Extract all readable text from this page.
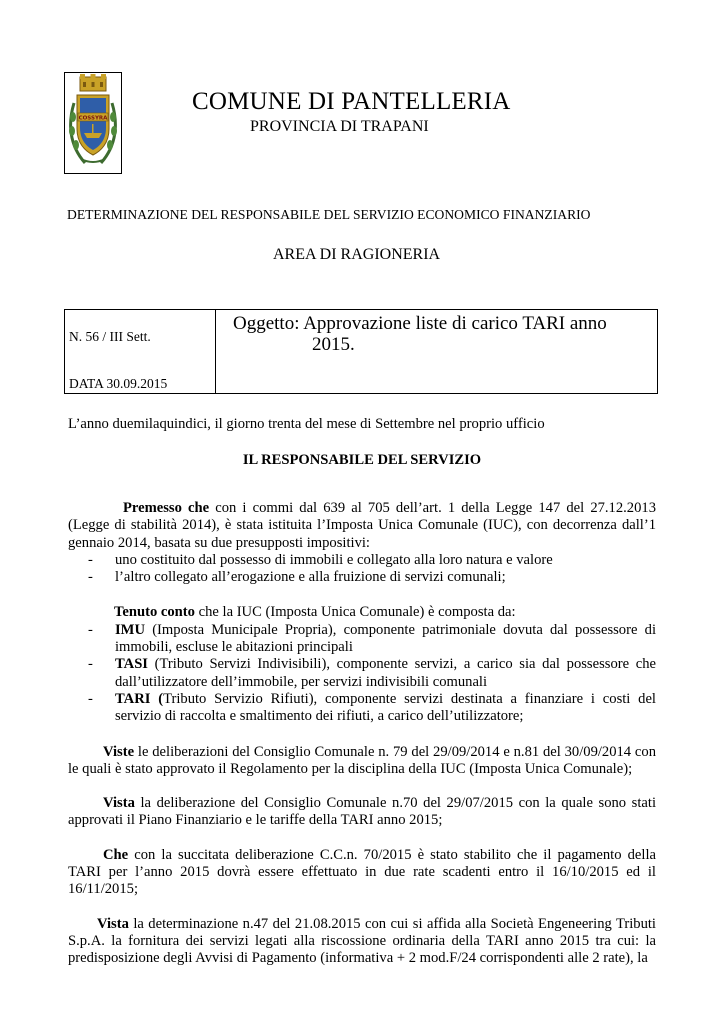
COSSYRA
COMUNE DI PANTELLERIA
PROVINCIA DI TRAPANI
DETERMINAZIONE DEL RESPONSABILE DEL SERVIZIO ECONOMICO FINANZIARIO
AREA DI RAGIONERIA
N. 56 / III Sett.
DATA 30.09.2015
Oggetto: Approvazione liste di carico TARI anno
2015.
L’anno duemilaquindici, il giorno trenta del mese di Settembre nel proprio ufficio
IL RESPONSABILE DEL SERVIZIO

Premesso che con i commi dal 639 al 705 dell’art. 1 della Legge 147 del 27.12.2013 (Legge di stabilità 2014), è stata istituita l’Imposta Unica Comunale (IUC), con decorrenza dall’1 gennaio 2014, basata su due presupposti impositivi:

- uno costituito dal possesso di immobili e collegato alla loro natura e valore
- l’altro collegato all’erogazione e alla fruizione di servizi comunali;

Tenuto conto che la IUC (Imposta Unica Comunale) è composta da:

- IMU (Imposta Municipale Propria), componente patrimoniale dovuta dal possessore di immobili, escluse le abitazioni principali
- TASI (Tributo Servizi Indivisibili), componente servizi, a carico sia dal possessore che dall’utilizzatore dell’immobile, per servizi indivisibili comunali
- TARI (Tributo Servizio Rifiuti), componente servizi destinata a finanziare i costi del servizio di raccolta e smaltimento dei rifiuti, a carico dell’utilizzatore;

Viste le deliberazioni del Consiglio Comunale n. 79 del 29/09/2014 e n.81 del 30/09/2014 con le quali è stato approvato il Regolamento per la disciplina della IUC (Imposta Unica Comunale);

Vista la deliberazione del Consiglio Comunale n.70 del 29/07/2015 con la quale sono stati approvati il Piano Finanziario e le tariffe della TARI anno 2015;

Che con la succitata deliberazione C.C.n. 70/2015 è stato stabilito che il pagamento della TARI per l’anno 2015 dovrà essere effettuato in due rate scadenti entro il 16/10/2015 ed il 16/11/2015;

Vista la determinazione n.47 del 21.08.2015 con cui si affida alla Società Engeneering Tributi S.p.A. la fornitura dei servizi legati alla riscossione ordinaria della TARI anno 2015 tra cui: la predisposizione degli Avvisi di Pagamento (informativa + 2 mod.F/24 corrispondenti alle 2 rate), la
